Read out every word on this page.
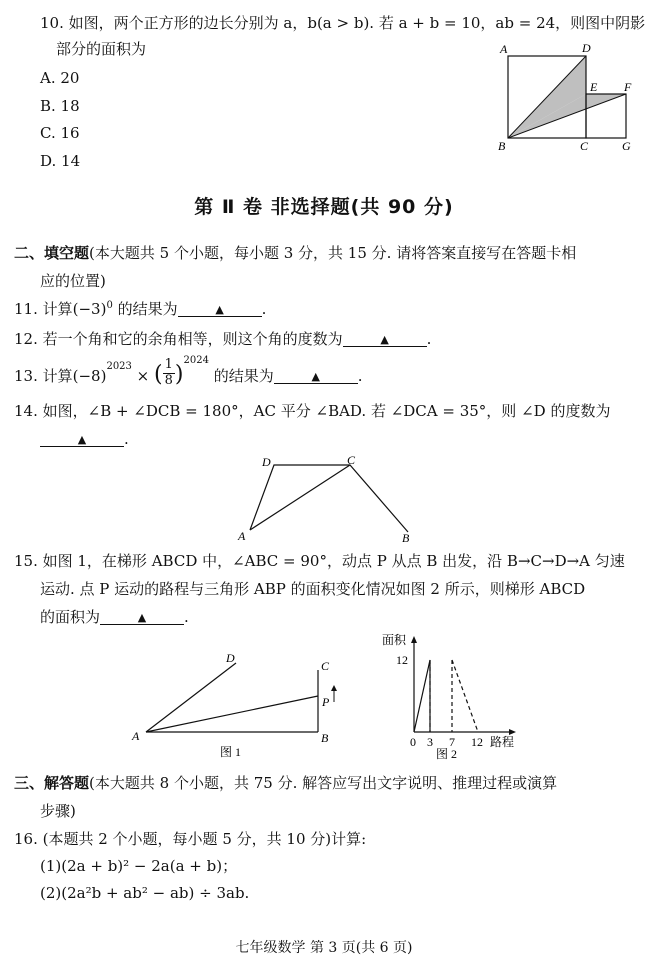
10. 如图，两个正方形的边长分别为 a，b(a > b). 若 a + b = 10，ab = 24，则图中阴影
部分的面积为
A. 20
B. 18
C. 16
D. 14
A	D
E F
B	C	G
第 Ⅱ 卷 非选择题(共 90 分)
二、填空题(本大题共 5 个小题，每小题 3 分，共 15 分. 请将答案直接写在答题卡相
应的位置)
11. 计算$(-3)^0$ 的结果为	▲	.
12. 若一个角和它的余角相等，则这个角的度数为	▲	.
13. 计算$(-8)^{2023}$ × ( $\frac{1}{8} )^{2024}$ 的结果为	▲	.
14. 如图，∠B + ∠DCB = 180°，AC 平分 ∠BAD. 若 ∠DCA = 35°，则 ∠D 的度数为
▲	.
D	C
A	B
15. 如图 1，在梯形 ABCD 中，∠ABC = 90°，动点 P 从点 B 出发，沿 B→C→D→A 匀速
运动. 点 P 运动的路程与三角形 ABP 的面积变化情况如图 2 所示，则梯形 ABCD
的面积为	▲	.
D
C
P
A	B
图 1
面积
12
0 3 7 12 路程
图 2
三、解答题(本大题共 8 个小题，共 75 分. 解答应写出文字说明、推理过程或演算
步骤)
16. (本题共 2 个小题，每小题 5 分，共 10 分)计算:
(1)(2a + b)² − 2a(a + b)；
(2)(2a²b + ab² − ab) ÷ 3ab.
七年级数学 第 3 页(共 6 页)
